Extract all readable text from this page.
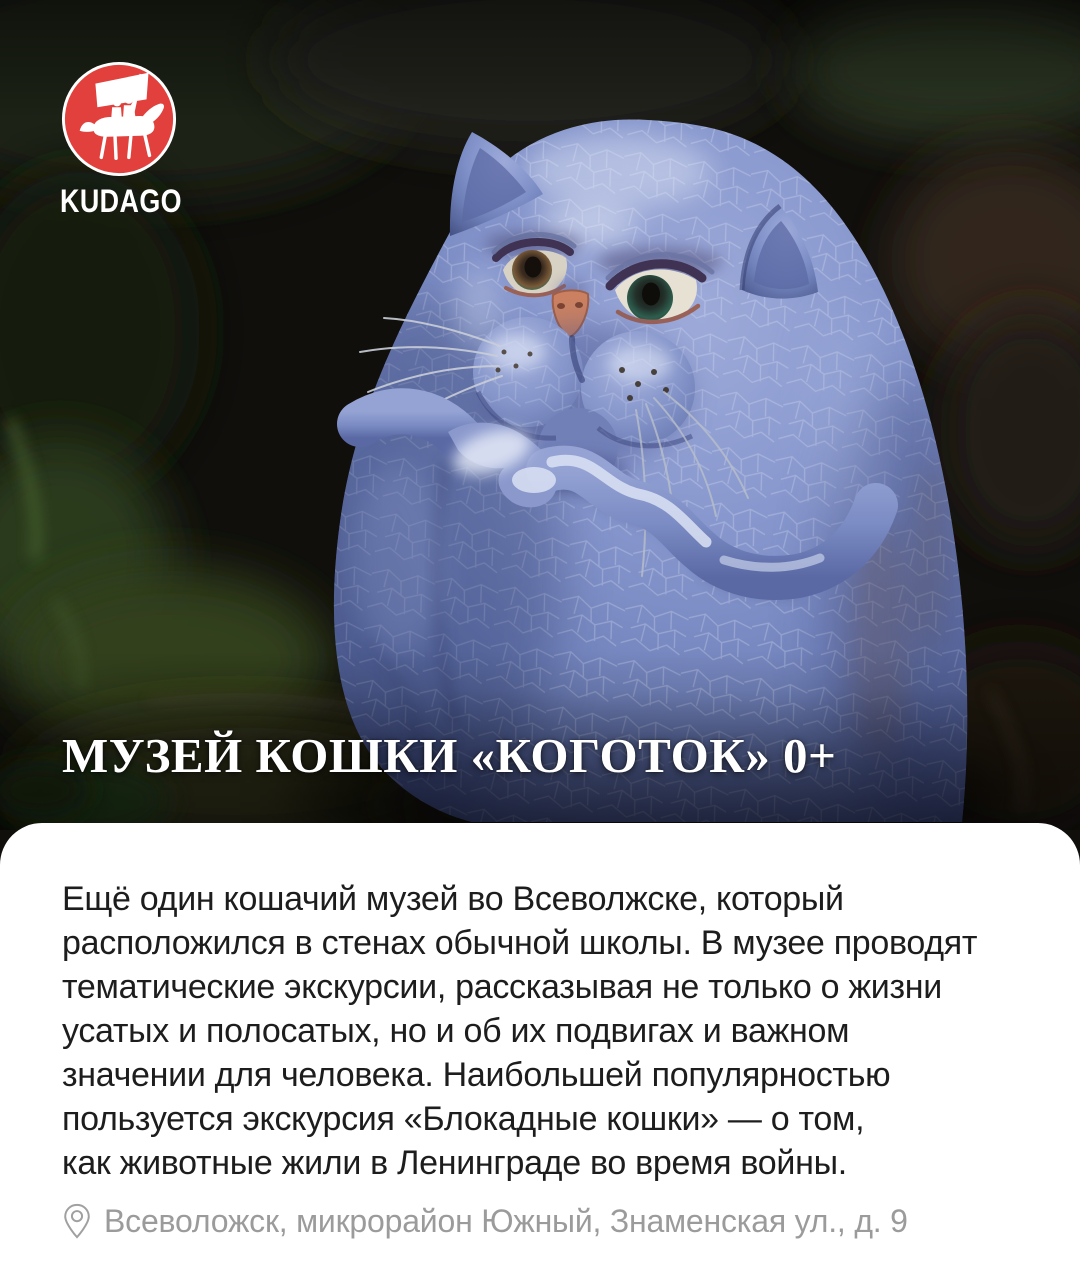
KUDAGO
МУЗЕЙ КОШКИ «КОГОТОК» 0+
Ещё один кошачий музей во Всеволжске, который
расположился в стенах обычной школы. В музее проводят
тематические экскурсии, рассказывая не только о жизни
усатых и полосатых, но и об их подвигах и важном
значении для человека. Наибольшей популярностью
пользуется экскурсия «Блокадные кошки» — о том,
как животные жили в Ленинграде во время войны.
Всеволожск, микрорайон Южный, Знаменская ул., д. 9
